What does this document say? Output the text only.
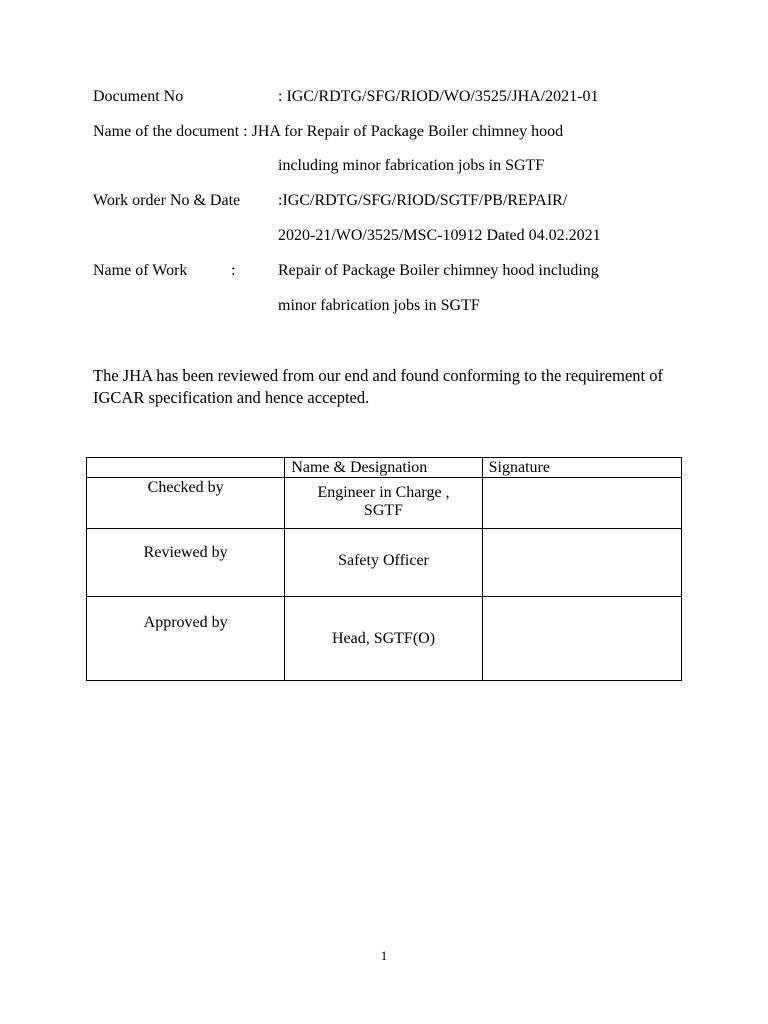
Document No	: IGC/RDTG/SFG/RIOD/WO/3525/JHA/2021-01
Name of the document : JHA for Repair of Package Boiler chimney hood
including minor fabrication jobs in SGTF
Work order No & Date :IGC/RDTG/SFG/RIOD/SGTF/PB/REPAIR/
2020-21/WO/3525/MSC-10912 Dated 04.02.2021
Name of Work	:	Repair of Package Boiler chimney hood including
minor fabrication jobs in SGTF
The JHA has been reviewed from our end and found conforming to the requirement of IGCAR specification and hence accepted.

	Name & Designation	Signature

Checked by	Engineer in Charge ,
SGTF	

Reviewed by	Safety Officer	

Approved by	Head, SGTF(O)	

1
